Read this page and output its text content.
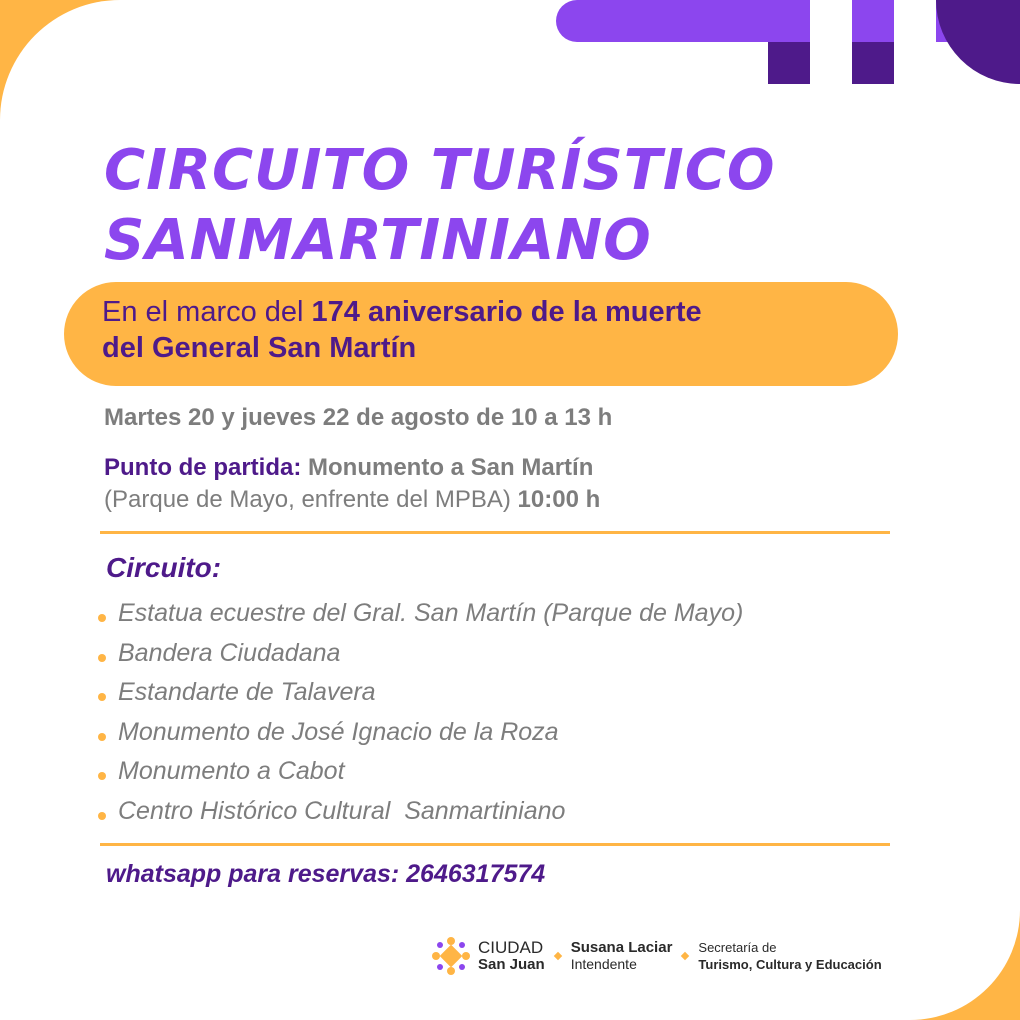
CIRCUITO TURÍSTICO
SANMARTINIANO
En el marco del 174 aniversario de la muerte
del General San Martín
Martes 20 y jueves 22 de agosto de 10 a 13 h
Punto de partida: Monumento a San Martín
(Parque de Mayo, enfrente del MPBA) 10:00 h
Circuito:
Estatua ecuestre del Gral. San Martín (Parque de Mayo)
Bandera Ciudadana
Estandarte de Talavera
Monumento de José Ignacio de la Roza
Monumento a Cabot
Centro Histórico Cultural  Sanmartiniano
whatsapp para reservas: 2646317574
CIUDAD
San Juan
Susana Laciar
Intendente
Secretaría de
Turismo, Cultura y Educación
